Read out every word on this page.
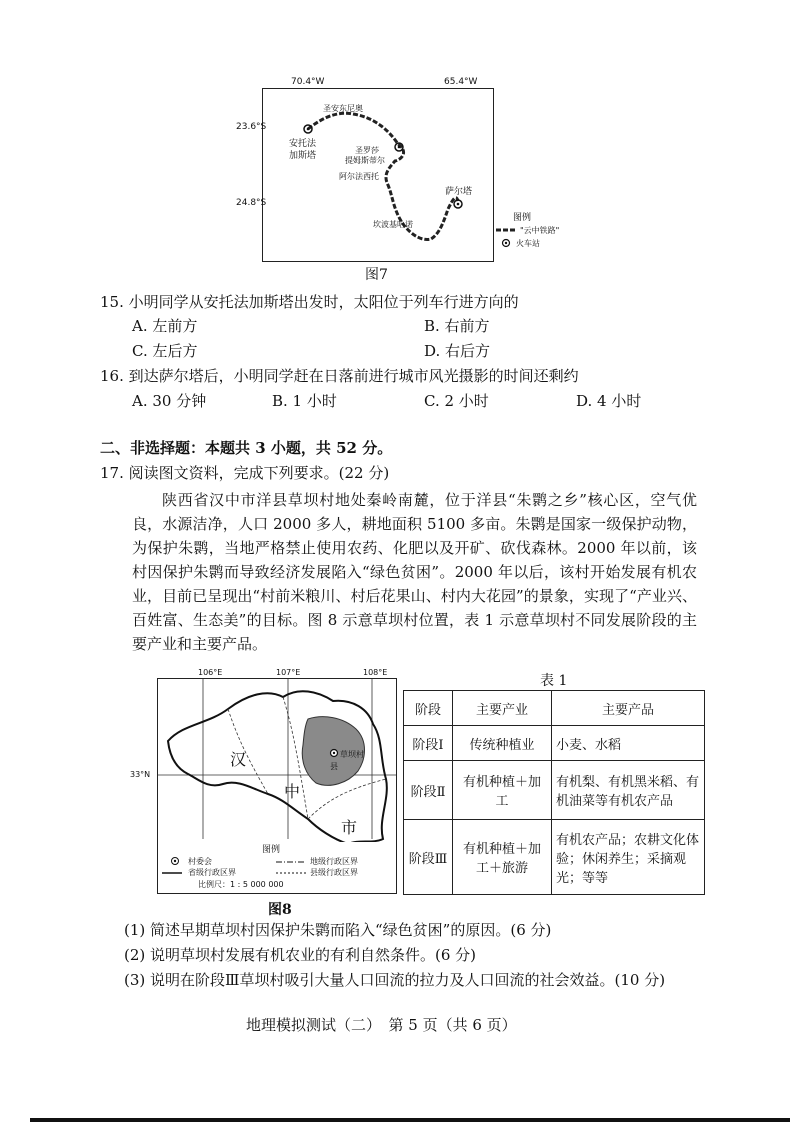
圣安东尼奥
安托法
加斯塔
圣罗莎
提姆斯蒂尔
阿尔法西托
萨尔塔
坎波基哈诺
70.4°W	65.4°W
23.6°S
24.8°S
图例
"云中铁路"
火车站
图7
15. 小明同学从安托法加斯塔出发时，太阳位于列车行进方向的
A. 左前方	B. 右前方
C. 左后方	D. 右后方
16. 到达萨尔塔后，小明同学赶在日落前进行城市风光摄影的时间还剩约
A. 30 分钟	B. 1 小时	C. 2 小时	D. 4 小时
二、非选择题：本题共 3 小题，共 52 分。
17. 阅读图文资料，完成下列要求。(22 分)

陕西省汉中市洋县草坝村地处秦岭南麓，位于洋县“朱鹮之乡”核心区，空气优良，水源洁净，人口 2000 多人，耕地面积 5100 多亩。朱鹮是国家一级保护动物，为保护朱鹮，当地严格禁止使用农药、化肥以及开矿、砍伐森林。2000 年以前，该村因保护朱鹮而导致经济发展陷入“绿色贫困”。2000 年以后，该村开始发展有机农业，目前已呈现出“村前米粮川、村后花果山、村内大花园”的景象，实现了“产业兴、百姓富、生态美”的目标。图 8 示意草坝村位置，表 1 示意草坝村不同发展阶段的主要产业和主要产品。

106°E	107°E	108°E
33°N
汉
中
市
草坝村
县
图例
村委会	地级行政区界
省级行政区界	县级行政区界
比例尺：1 : 5 000 000
图8
表 1
阶段	主要产业	主要产品
阶段Ⅰ	传统种植业	小麦、水稻
阶段Ⅱ	有机种植＋加工	有机梨、有机黑米稻、有机油菜等有机农产品
阶段Ⅲ	有机种植＋加工＋旅游	有机农产品；农耕文化体验；休闲养生；采摘观光；等等
(1) 简述早期草坝村因保护朱鹮而陷入“绿色贫困”的原因。(6 分)
(2) 说明草坝村发展有机农业的有利自然条件。(6 分)
(3) 说明在阶段Ⅲ草坝村吸引大量人口回流的拉力及人口回流的社会效益。(10 分)
地理模拟测试（二）　第 5 页（共 6 页）
